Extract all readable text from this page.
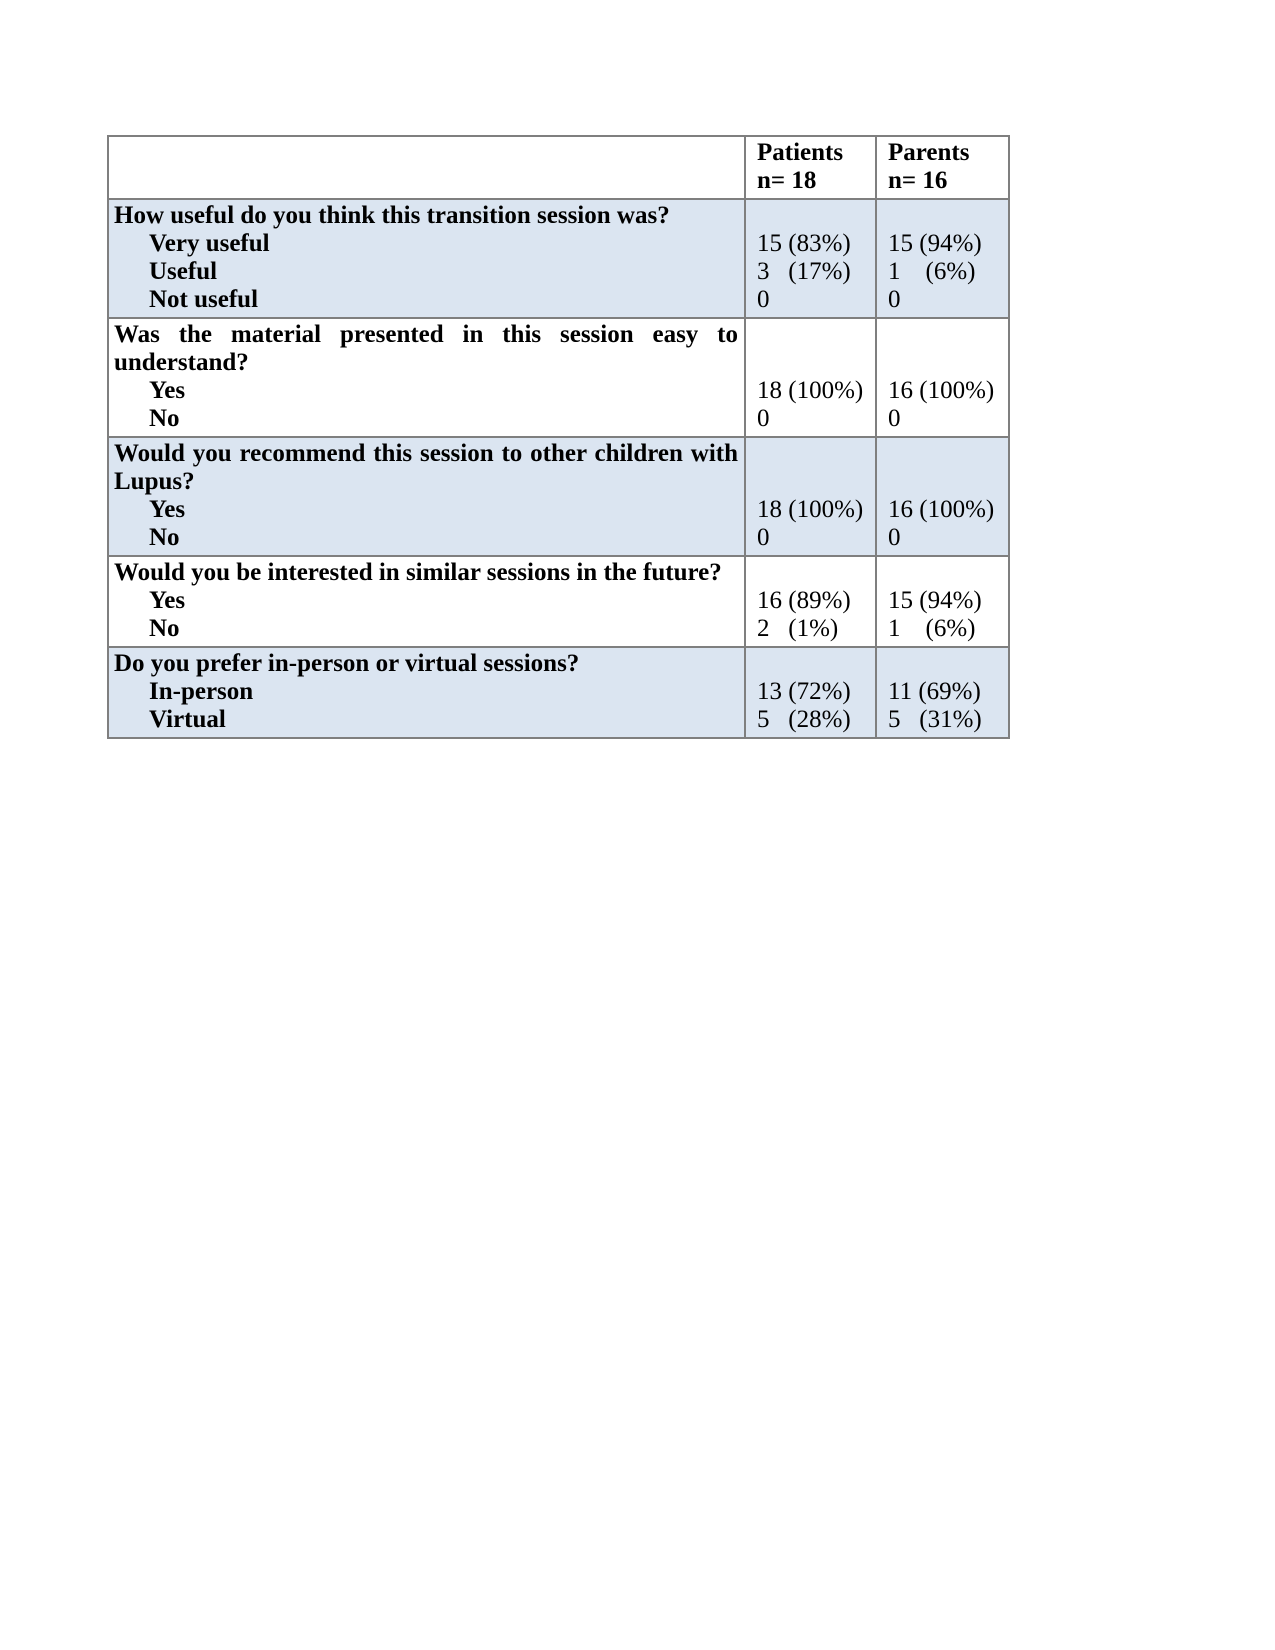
Patients
n= 18
Parents
n= 16
How useful do you think this transition session was?
Very useful
Useful
Not useful
15 (83%)
3   (17%)
0
15 (94%)
1    (6%)
0
Was the material presented in this session easy to understand?
Yes
No
18 (100%)
0
16 (100%)
0
Would you recommend this session to other children with Lupus?
Yes
No
18 (100%)
0
16 (100%)
0
Would you be interested in similar sessions in the future?
Yes
No
16 (89%)
2   (1%)
15 (94%)
1    (6%)
Do you prefer in-person or virtual sessions?
In-person
Virtual
13 (72%)
5   (28%)
11 (69%)
5   (31%)
